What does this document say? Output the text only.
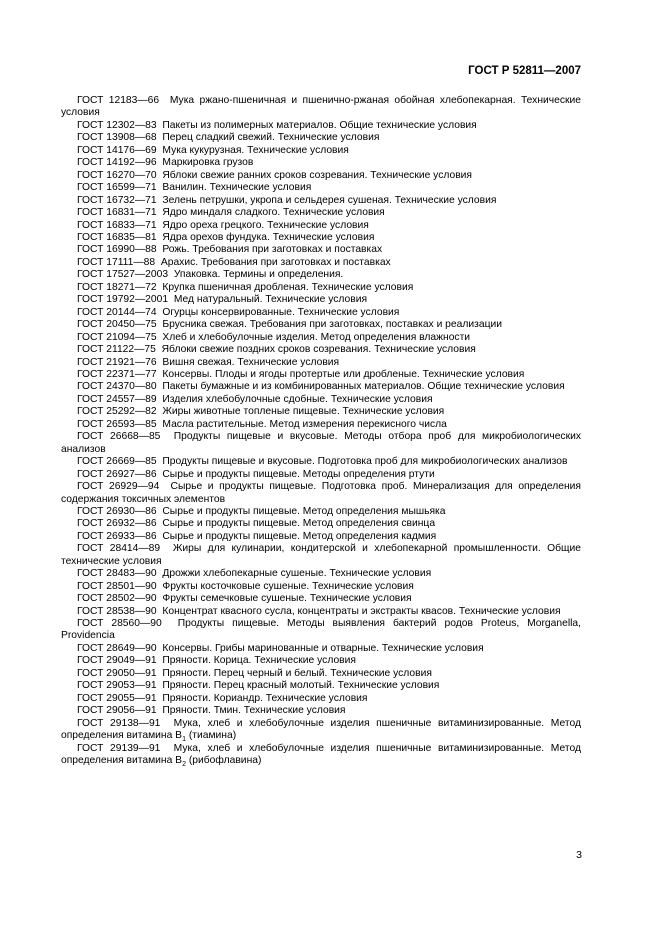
ГОСТ Р 52811—2007
ГОСТ 12183—66 Мука ржано-пшеничная и пшенично-ржаная обойная хлебопекарная. Технические условия
ГОСТ 12302—83 Пакеты из полимерных материалов. Общие технические условия
ГОСТ 13908—68 Перец сладкий свежий. Технические условия
ГОСТ 14176—69 Мука кукурузная. Технические условия
ГОСТ 14192—96 Маркировка грузов
ГОСТ 16270—70 Яблоки свежие ранних сроков созревания. Технические условия
ГОСТ 16599—71 Ванилин. Технические условия
ГОСТ 16732—71 Зелень петрушки, укропа и сельдерея сушеная. Технические условия
ГОСТ 16831—71 Ядро миндаля сладкого. Технические условия
ГОСТ 16833—71 Ядро ореха грецкого. Технические условия
ГОСТ 16835—81 Ядра орехов фундука. Технические условия
ГОСТ 16990—88 Рожь. Требования при заготовках и поставках
ГОСТ 17111—88 Арахис. Требования при заготовках и поставках
ГОСТ 17527—2003 Упаковка. Термины и определения.
ГОСТ 18271—72 Крупка пшеничная дробленая. Технические условия
ГОСТ 19792—2001 Мед натуральный. Технические условия
ГОСТ 20144—74 Огурцы консервированные. Технические условия
ГОСТ 20450—75 Брусника свежая. Требования при заготовках, поставках и реализации
ГОСТ 21094—75 Хлеб и хлебобулочные изделия. Метод определения влажности
ГОСТ 21122—75 Яблоки свежие поздних сроков созревания. Технические условия
ГОСТ 21921—76 Вишня свежая. Технические условия
ГОСТ 22371—77 Консервы. Плоды и ягоды протертые или дробленые. Технические условия
ГОСТ 24370—80 Пакеты бумажные и из комбинированных материалов. Общие технические условия
ГОСТ 24557—89 Изделия хлебобулочные сдобные. Технические условия
ГОСТ 25292—82 Жиры животные топленые пищевые. Технические условия
ГОСТ 26593—85 Масла растительные. Метод измерения перекисного числа
ГОСТ 26668—85 Продукты пищевые и вкусовые. Методы отбора проб для микробиологических анализов
ГОСТ 26669—85 Продукты пищевые и вкусовые. Подготовка проб для микробиологических анализов
ГОСТ 26927—86 Сырье и продукты пищевые. Методы определения ртути
ГОСТ 26929—94 Сырье и продукты пищевые. Подготовка проб. Минерализация для определения содержания токсичных элементов
ГОСТ 26930—86 Сырье и продукты пищевые. Метод определения мышьяка
ГОСТ 26932—86 Сырье и продукты пищевые. Метод определения свинца
ГОСТ 26933—86 Сырье и продукты пищевые. Метод определения кадмия
ГОСТ 28414—89 Жиры для кулинарии, кондитерской и хлебопекарной промышленности. Общие технические условия
ГОСТ 28483—90 Дрожжи хлебопекарные сушеные. Технические условия
ГОСТ 28501—90 Фрукты косточковые сушеные. Технические условия
ГОСТ 28502—90 Фрукты семечковые сушеные. Технические условия
ГОСТ 28538—90 Концентрат квасного сусла, концентраты и экстракты квасов. Технические условия
ГОСТ 28560—90 Продукты пищевые. Методы выявления бактерий родов Proteus, Morganella, Providencia
ГОСТ 28649—90 Консервы. Грибы маринованные и отварные. Технические условия
ГОСТ 29049—91 Пряности. Корица. Технические условия
ГОСТ 29050—91 Пряности. Перец черный и белый. Технические условия
ГОСТ 29053—91 Пряности. Перец красный молотый. Технические условия
ГОСТ 29055—91 Пряности. Кориандр. Технические условия
ГОСТ 29056—91 Пряности. Тмин. Технические условия
ГОСТ 29138—91 Мука, хлеб и хлебобулочные изделия пшеничные витаминизированные. Метод определения витамина $В_1$ (тиамина)
ГОСТ 29139—91 Мука, хлеб и хлебобулочные изделия пшеничные витаминизированные. Метод определения витамина $В_2$ (рибофлавина)
3
